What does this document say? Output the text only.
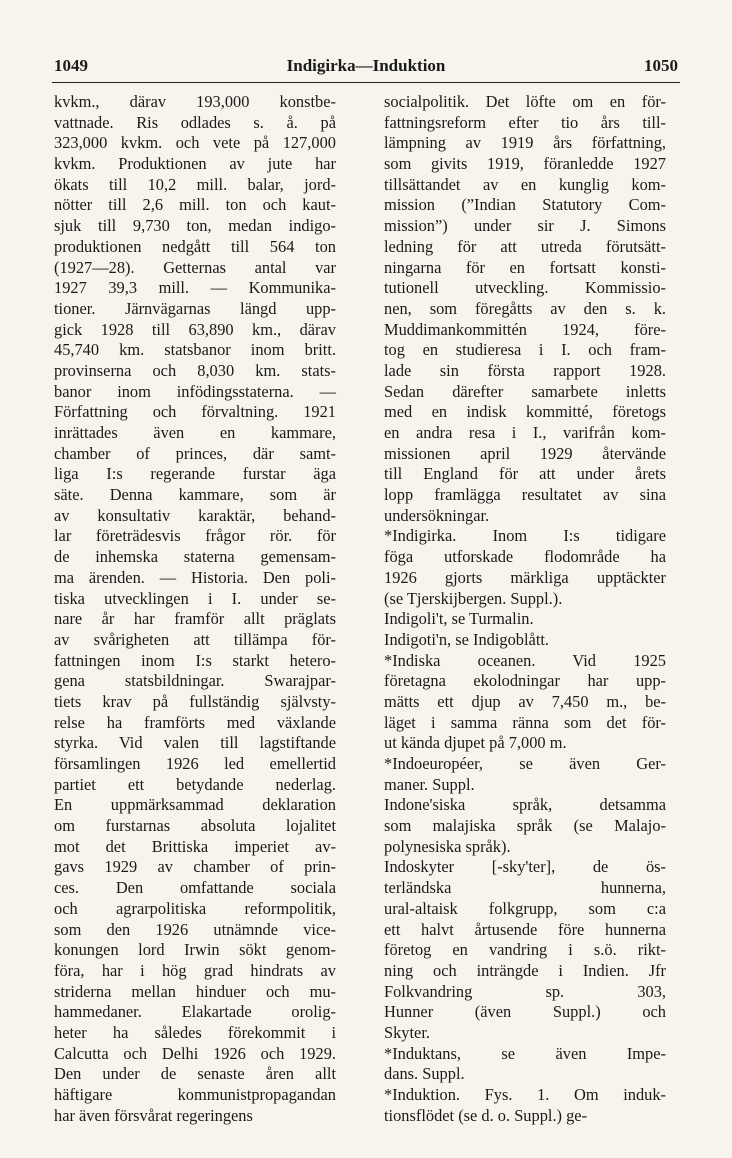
1049	Indigirka—Induktion	1050
kvkm., därav 193,000 konstbe-
vattnade. Ris odlades s. å. på
323,000 kvkm. och vete på 127,000
kvkm. Produktionen av jute har
ökats till 10,2 mill. balar, jord-
nötter till 2,6 mill. ton och kaut-
sjuk till 9,730 ton, medan indigo-
produktionen nedgått till 564 ton
(1927—28). Getternas antal var
1927 39,3 mill. — Kommunika-
tioner. Järnvägarnas längd upp-
gick 1928 till 63,890 km., därav
45,740 km. statsbanor inom britt.
provinserna och 8,030 km. stats-
banor inom infödingsstaterna. —
Författning och förvaltning. 1921
inrättades även en kammare,
chamber of princes, där samt-
liga I:s regerande furstar äga
säte. Denna kammare, som är
av konsultativ karaktär, behand-
lar företrädesvis frågor rör. för
de inhemska staterna gemensam-
ma ärenden. — Historia. Den poli-
tiska utvecklingen i I. under se-
nare år har framför allt präglats
av svårigheten att tillämpa för-
fattningen inom I:s starkt hetero-
gena statsbildningar. Swarajpar-
tiets krav på fullständig självsty-
relse ha framförts med växlande
styrka. Vid valen till lagstiftande
församlingen 1926 led emellertid
partiet ett betydande nederlag.
En uppmärksammad deklaration
om furstarnas absoluta lojalitet
mot det Brittiska imperiet av-
gavs 1929 av chamber of prin-
ces. Den omfattande sociala
och agrarpolitiska reformpolitik,
som den 1926 utnämnde vice-
konungen lord Irwin sökt genom-
föra, har i hög grad hindrats av
striderna mellan hinduer och mu-
hammedaner. Elakartade orolig-
heter ha således förekommit i
Calcutta och Delhi 1926 och 1929.
Den under de senaste åren allt
häftigare kommunistpropagandan
har även försvårat regeringens
socialpolitik. Det löfte om en för-
fattningsreform efter tio års till-
lämpning av 1919 års författning,
som givits 1919, föranledde 1927
tillsättandet av en kunglig kom-
mission (”Indian Statutory Com-
mission”) under sir J. Simons
ledning för att utreda förutsätt-
ningarna för en fortsatt konsti-
tutionell utveckling. Kommissio-
nen, som föregåtts av den s. k.
Muddimankommittén 1924, före-
tog en studieresa i I. och fram-
lade sin första rapport 1928.
Sedan därefter samarbete inletts
med en indisk kommitté, företogs
en andra resa i I., varifrån kom-
missionen april 1929 återvände
till England för att under årets
lopp framlägga resultatet av sina
undersökningar.
*Indigirka. Inom I:s tidigare
föga utforskade flodområde ha
1926 gjorts märkliga upptäckter
(se Tjerskijbergen. Suppl.).
Indigoli't, se Turmalin.
Indigoti'n, se Indigoblått.
*Indiska oceanen. Vid 1925
företagna ekolodningar har upp-
mätts ett djup av 7,450 m., be-
läget i samma ränna som det för-
ut kända djupet på 7,000 m.
*Indoeuropéer, se även Ger-
maner. Suppl.
Indone'siska språk, detsamma
som malajiska språk (se Malajo-
polynesiska språk).
Indoskyter [-sky'ter], de ös-
terländska hunnerna,
ural-altaisk folkgrupp, som c:a
ett halvt årtusende före hunnerna
företog en vandring i s.ö. rikt-
ning och inträngde i Indien. Jfr
Folkvandring sp. 303,
Hunner (även Suppl.) och
Skyter.
*Induktans, se även Impe-
dans. Suppl.
*Induktion. Fys. 1. Om induk-
tionsflödet (se d. o. Suppl.) ge-
